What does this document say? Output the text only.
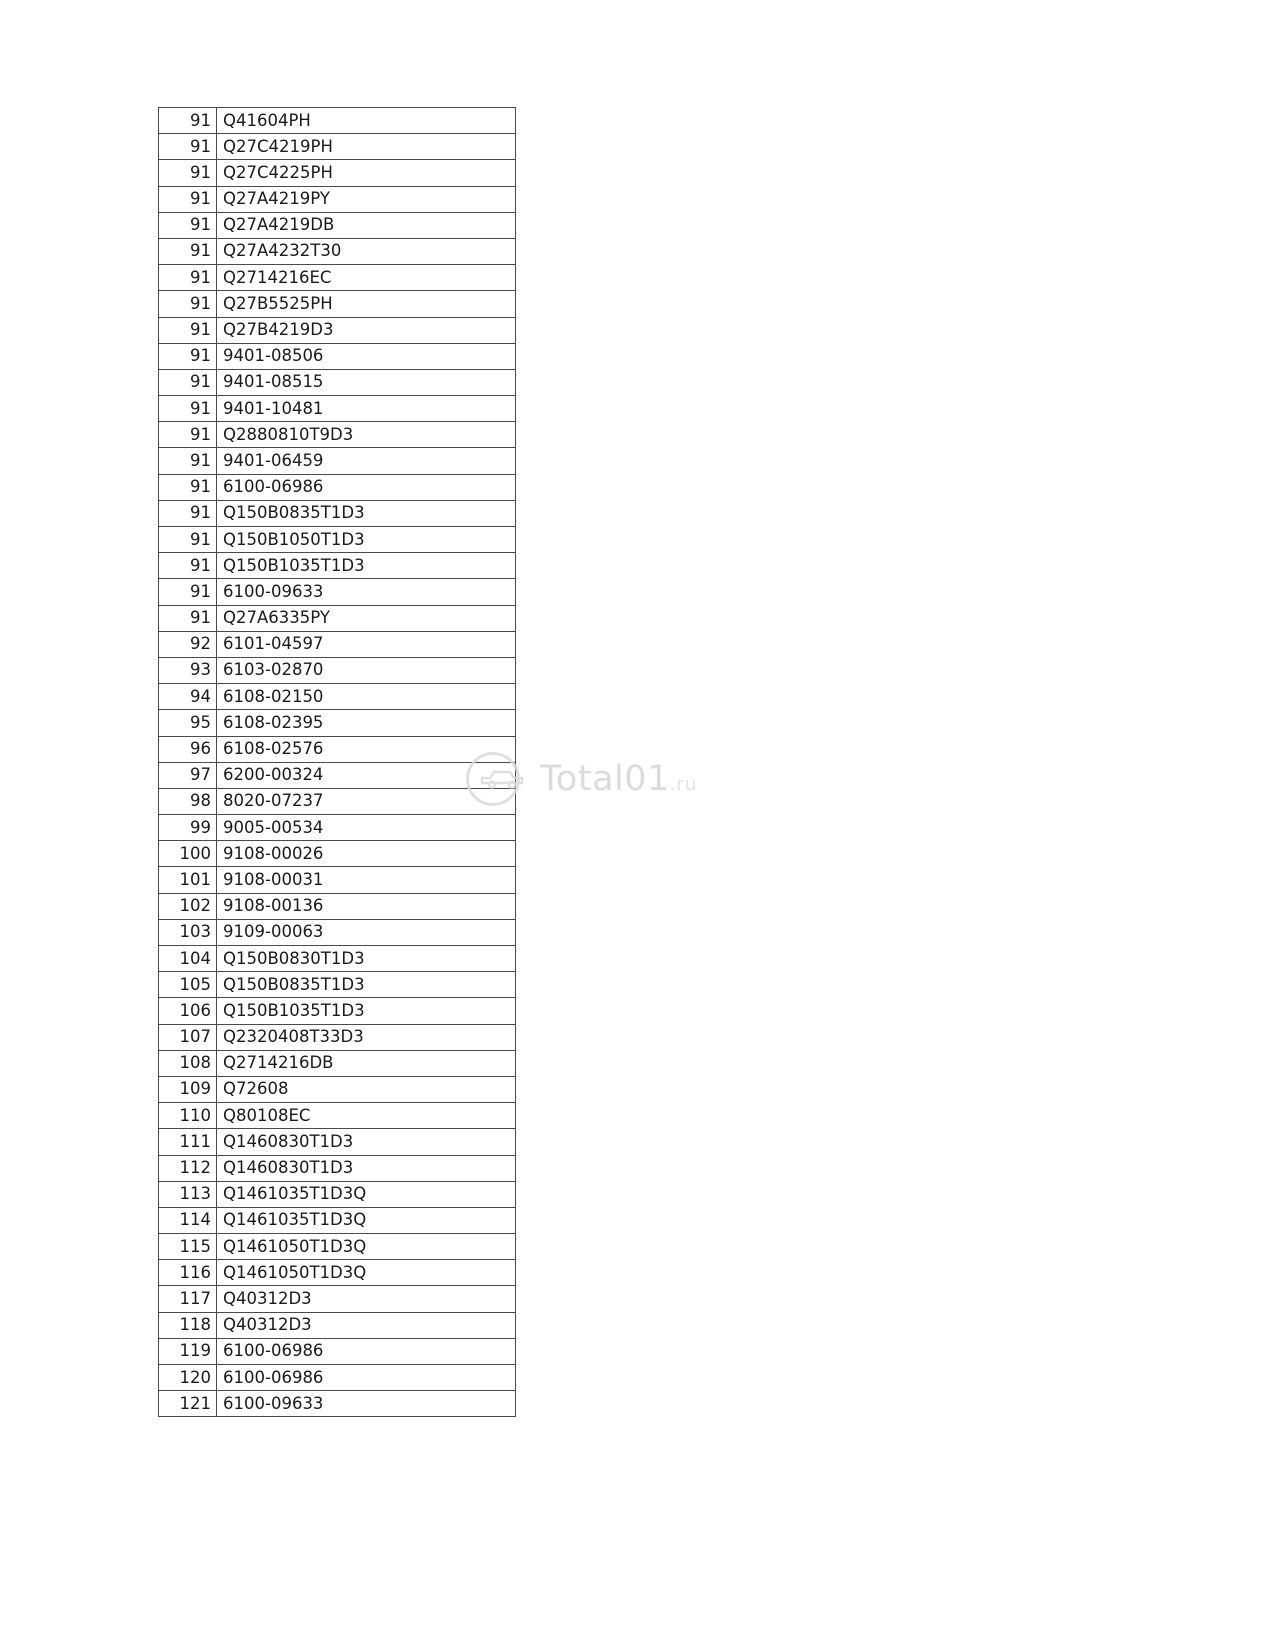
91	Q41604PH
91	Q27C4219PH
91	Q27C4225PH
91	Q27A4219PY
91	Q27A4219DB
91	Q27A4232T30
91	Q2714216EC
91	Q27B5525PH
91	Q27B4219D3
91	9401-08506
91	9401-08515
91	9401-10481
91	Q2880810T9D3
91	9401-06459
91	6100-06986
91	Q150B0835T1D3
91	Q150B1050T1D3
91	Q150B1035T1D3
91	6100-09633
91	Q27A6335PY
92	6101-04597
93	6103-02870
94	6108-02150
95	6108-02395
96	6108-02576
97	6200-00324
98	8020-07237
99	9005-00534
100	9108-00026
101	9108-00031
102	9108-00136
103	9109-00063
104	Q150B0830T1D3
105	Q150B0835T1D3
106	Q150B1035T1D3
107	Q2320408T33D3
108	Q2714216DB
109	Q72608
110	Q80108EC
111	Q1460830T1D3
112	Q1460830T1D3
113	Q1461035T1D3Q
114	Q1461035T1D3Q
115	Q1461050T1D3Q
116	Q1461050T1D3Q
117	Q40312D3
118	Q40312D3
119	6100-06986
120	6100-06986
121	6100-09633
Total01.ru
